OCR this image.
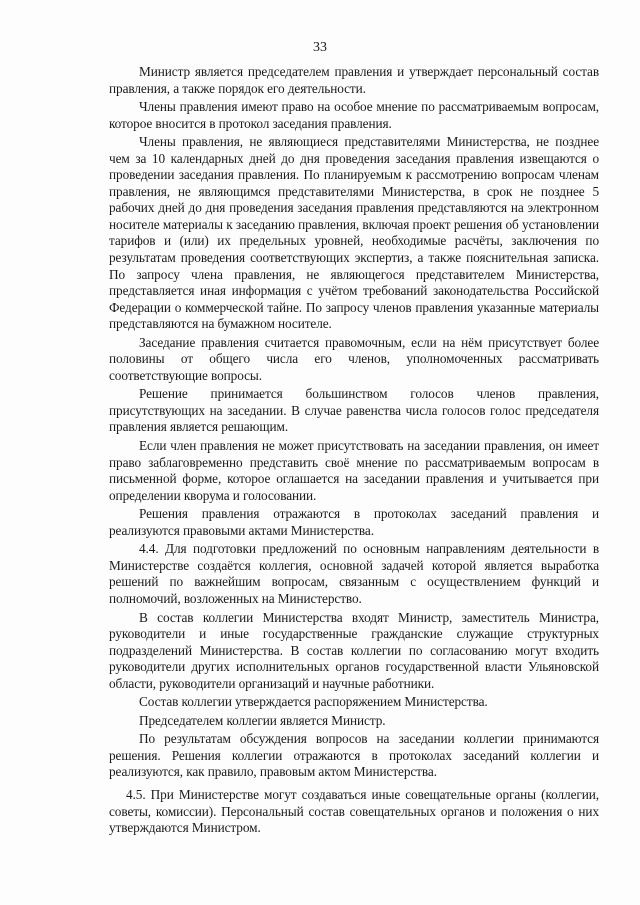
33

Министр является председателем правления и утверждает персональный состав правления, а также порядок его деятельности.

Члены правления имеют право на особое мнение по рассматриваемым вопросам, которое вносится в протокол заседания правления.

Члены правления, не являющиеся представителями Министерства, не позднее чем за 10 календарных дней до дня проведения заседания правления извещаются о проведении заседания правления. По планируемым к рассмотрению вопросам членам правления, не являющимся представителями Министерства, в срок не позднее 5 рабочих дней до дня проведения заседания правления представляются на электронном носителе материалы к заседанию правления, включая проект решения об установлении тарифов и (или) их предельных уровней, необходимые расчёты, заключения по результатам проведения соответствующих экспертиз, а также пояснительная записка. По запросу члена правления, не являющегося представителем Министерства, представляется иная информация с учётом требований законодательства Российской Федерации о коммерческой тайне. По запросу членов правления указанные материалы представляются на бумажном носителе.

Заседание правления считается правомочным, если на нём присутствует более половины от общего числа его членов, уполномоченных рассматривать соответствующие вопросы.

Решение принимается большинством голосов членов правления, присутствующих на заседании. В случае равенства числа голосов голос председателя правления является решающим.

Если член правления не может присутствовать на заседании правления, он имеет право заблаговременно представить своё мнение по рассматриваемым вопросам в письменной форме, которое оглашается на заседании правления и учитывается при определении кворума и голосовании.

Решения правления отражаются в протоколах заседаний правления и реализуются правовыми актами Министерства.

4.4. Для подготовки предложений по основным направлениям деятельности в Министерстве создаётся коллегия, основной задачей которой является выработка решений по важнейшим вопросам, связанным с осуществлением функций и полномочий, возложенных на Министерство.

В состав коллегии Министерства входят Министр, заместитель Министра, руководители и иные государственные гражданские служащие структурных подразделений Министерства. В состав коллегии по согласованию могут входить руководители других исполнительных органов государственной власти Ульяновской области, руководители организаций и научные работники.

Состав коллегии утверждается распоряжением Министерства.

Председателем коллегии является Министр.

По результатам обсуждения вопросов на заседании коллегии принимаются решения. Решения коллегии отражаются в протоколах заседаний коллегии и реализуются, как правило, правовым актом Министерства.

4.5. При Министерстве могут создаваться иные совещательные органы (коллегии, советы, комиссии). Персональный состав совещательных органов и положения о них утверждаются Министром.
